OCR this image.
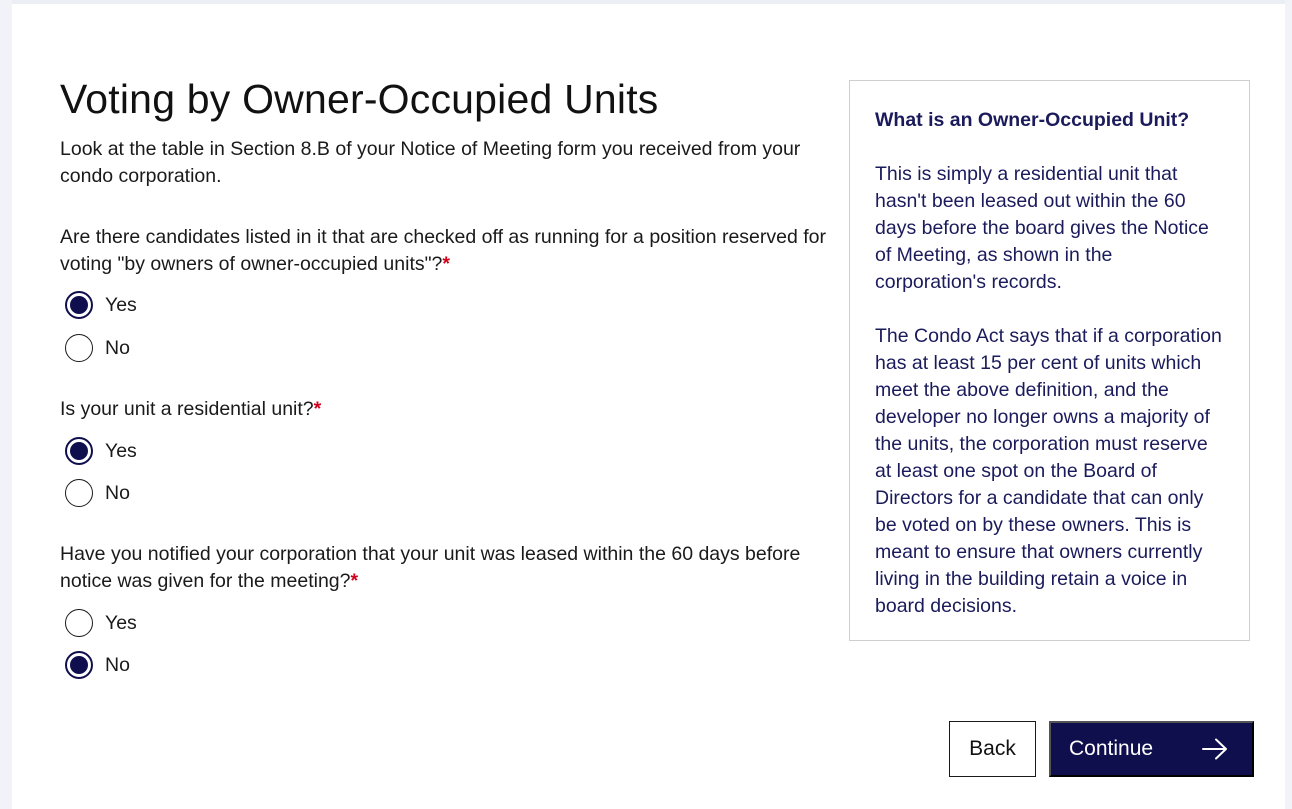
Voting by Owner-Occupied Units

Look at the table in Section 8.B of your Notice of Meeting form you received from your condo corporation.

Are there candidates listed in it that are checked off as running for a position reserved for voting "by owners of owner-occupied units"?*
Yes
No
Is your unit a residential unit?*
Yes
No
Have you notified your corporation that your unit was leased within the 60 days before notice was given for the meeting?*
Yes
No
What is an Owner-Occupied Unit?

This is simply a residential unit that hasn't been leased out within the 60 days before the board gives the Notice of Meeting, as shown in the corporation's records.

The Condo Act says that if a corporation has at least 15 per cent of units which meet the above definition, and the developer no longer owns a majority of the units, the corporation must reserve at least one spot on the Board of Directors for a candidate that can only be voted on by these owners. This is meant to ensure that owners currently living in the building retain a voice in board decisions.

Back	Continue
